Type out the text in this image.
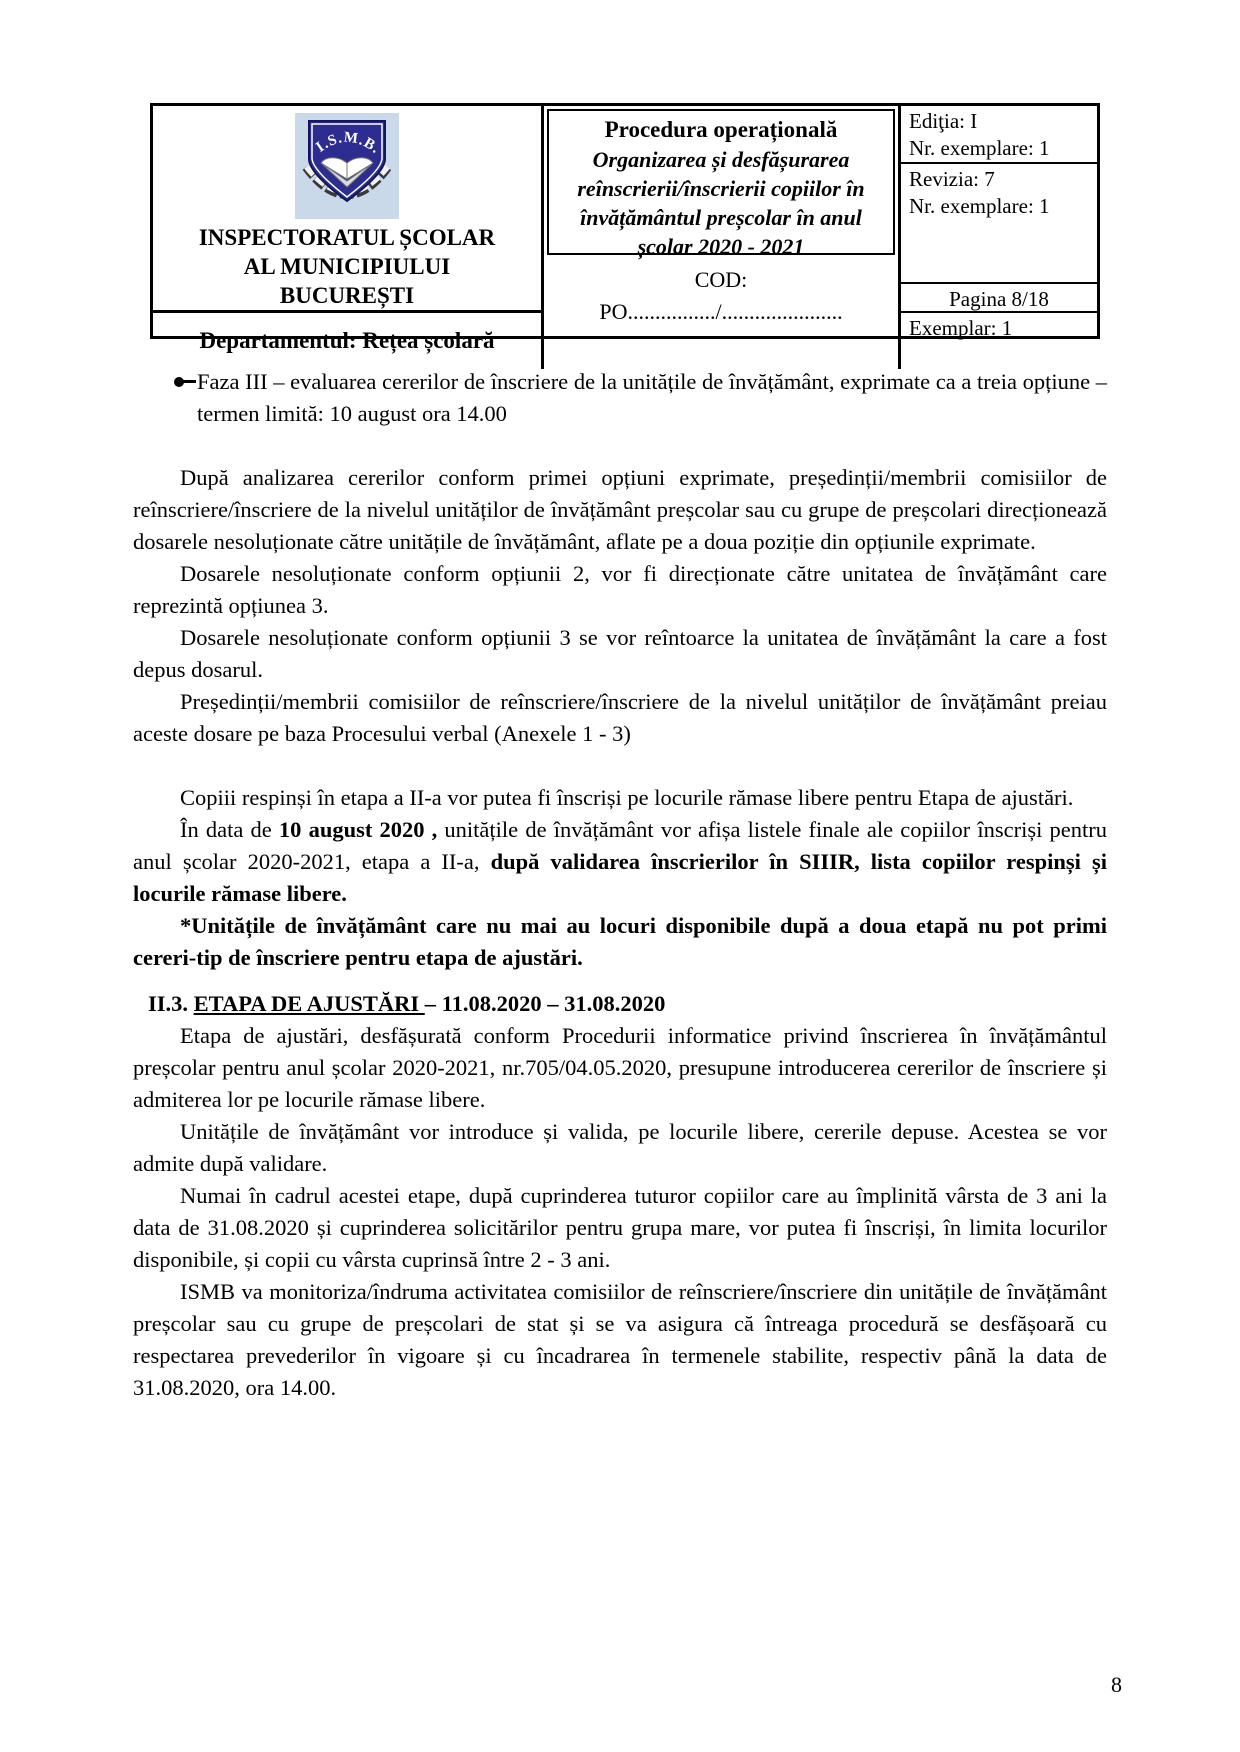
I.S.M.B.
INSPECTORATUL ȘCOLAR
AL MUNICIPIULUI
BUCUREȘTI
Departamentul: Rețea școlară
Procedura operațională
Organizarea și desfășurarea reînscrierii/înscrierii copiilor în învățământul preșcolar în anul școlar 2020 - 2021
COD:
PO................/......................
Ediţia: I
Nr. exemplare: 1
Revizia: 7
Nr. exemplare: 1
Pagina 8/18
Exemplar: 1

Faza III – evaluarea cererilor de înscriere de la unitățile de învățământ, exprimate ca a treia opțiune – termen limită: 10 august ora 14.00

După analizarea cererilor conform primei opțiuni exprimate, președinții/membrii comisiilor de reînscriere/înscriere de la nivelul unităților de învățământ preșcolar sau cu grupe de preșcolari direcționează dosarele nesoluționate către unitățile de învățământ, aflate pe a doua poziție din opțiunile exprimate.

Dosarele nesoluționate conform opțiunii 2, vor fi direcționate către unitatea de învățământ care reprezintă opțiunea 3.

Dosarele nesoluționate conform opțiunii 3 se vor reîntoarce la unitatea de învățământ la care a fost depus dosarul.

Președinții/membrii comisiilor de reînscriere/înscriere de la nivelul unităților de învățământ preiau aceste dosare pe baza Procesului verbal (Anexele 1 - 3)

Copiii respinși în etapa a II-a vor putea fi înscriși pe locurile rămase libere pentru Etapa de ajustări.

În data de 10 august 2020 , unitățile de învățământ vor afișa listele finale ale copiilor înscriși pentru anul școlar 2020-2021, etapa a II-a, după validarea înscrierilor în SIIIR, lista copiilor respinși și locurile rămase libere.

*Unitățile de învățământ care nu mai au locuri disponibile după a doua etapă nu pot primi cereri-tip de înscriere pentru etapa de ajustări.

II.3. ETAPA DE AJUSTĂRI – 11.08.2020 – 31.08.2020

Etapa de ajustări, desfășurată conform Procedurii informatice privind înscrierea în învățământul preșcolar pentru anul școlar 2020-2021, nr.705/04.05.2020, presupune introducerea cererilor de înscriere și admiterea lor pe locurile rămase libere.

Unitățile de învățământ vor introduce și valida, pe locurile libere, cererile depuse. Acestea se vor admite după validare.

Numai în cadrul acestei etape, după cuprinderea tuturor copiilor care au împlinită vârsta de 3 ani la data de 31.08.2020 și cuprinderea solicitărilor pentru grupa mare, vor putea fi înscriși, în limita locurilor disponibile, și copii cu vârsta cuprinsă între 2 - 3 ani.

ISMB va monitoriza/îndruma activitatea comisiilor de reînscriere/înscriere din unitățile de învățământ preșcolar sau cu grupe de preșcolari de stat și se va asigura că întreaga procedură se desfășoară cu respectarea prevederilor în vigoare și cu încadrarea în termenele stabilite, respectiv până la data de 31.08.2020, ora 14.00.

8
